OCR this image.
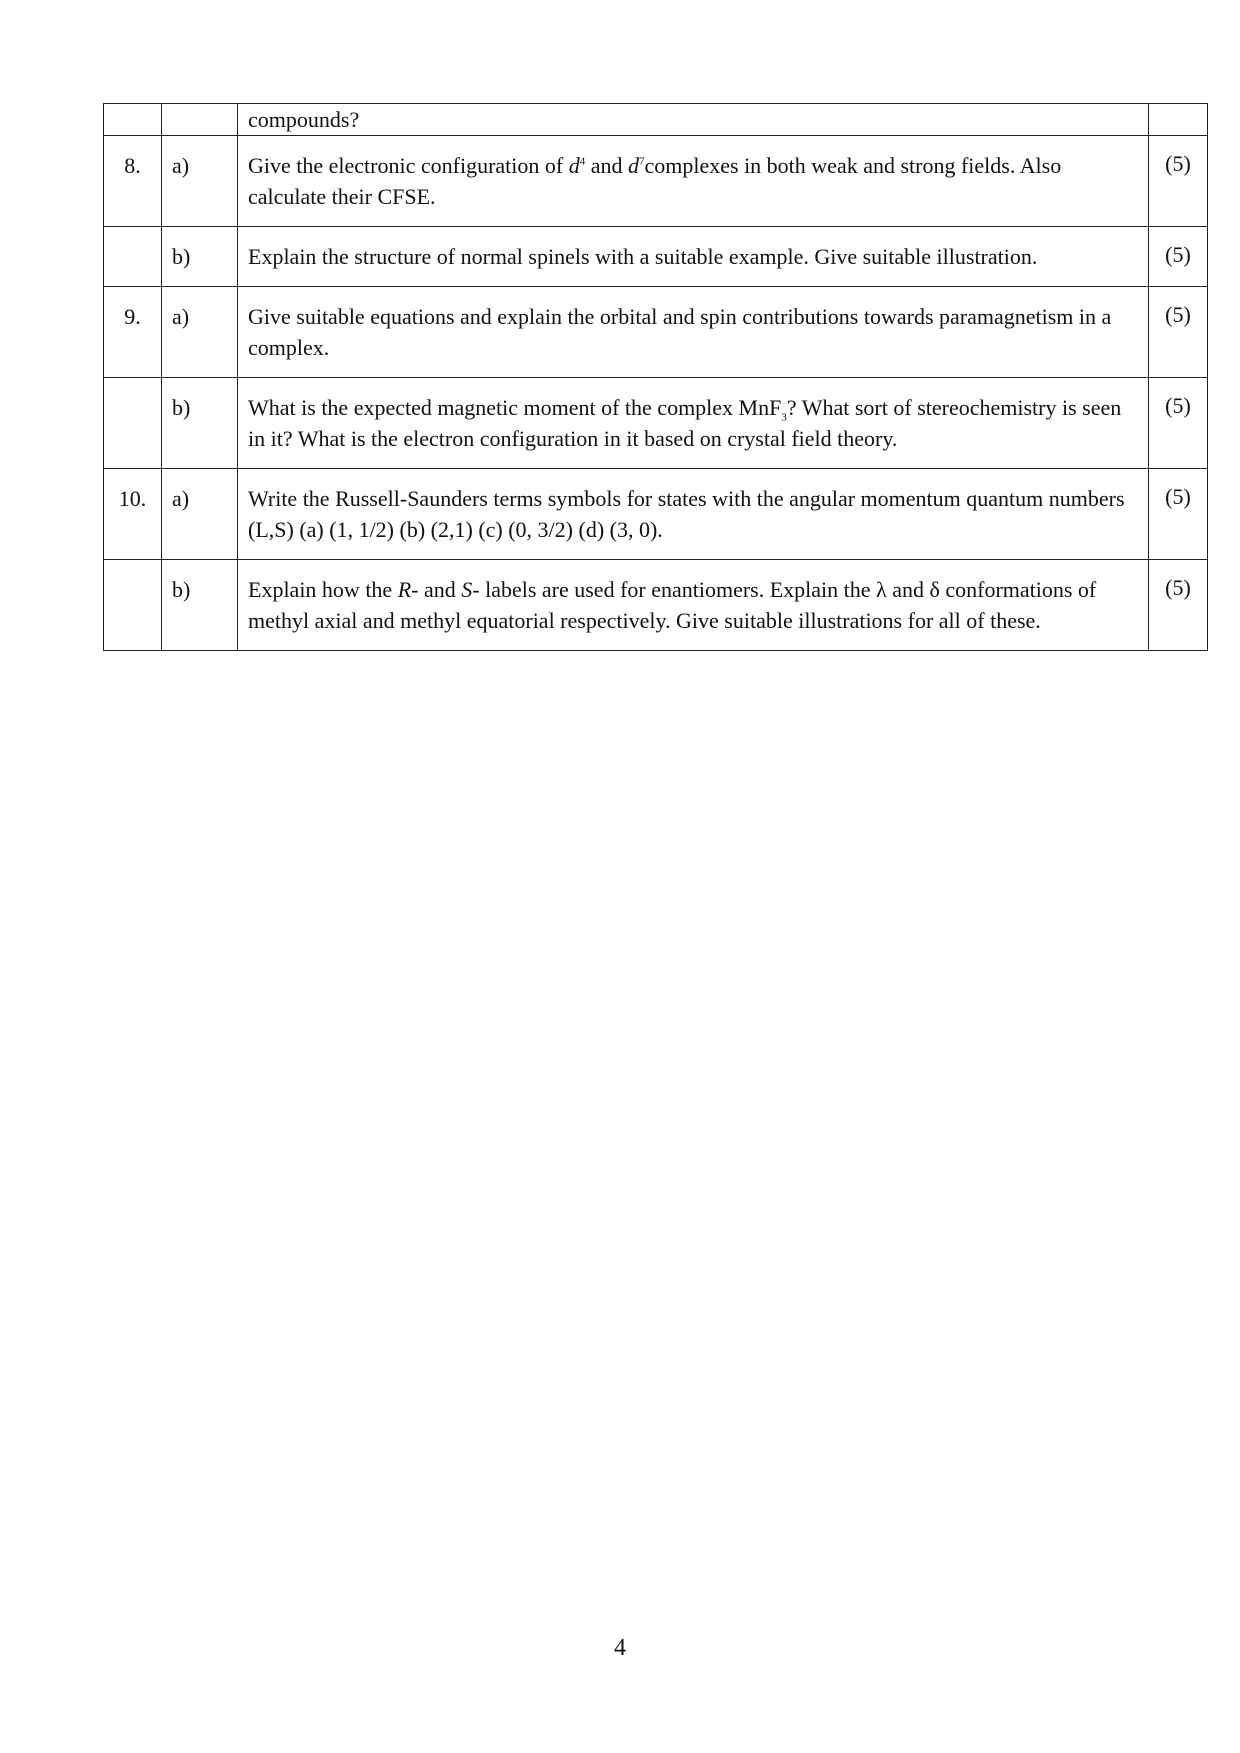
		compounds?	

8.	a)	Give the electronic configuration of $d^4$ and $d^7complexes$ in both weak and strong fields. Also calculate their CFSE.	(5)

	b)	Explain the structure of normal spinels with a suitable example. Give suitable illustration.	(5)

9.	a)	Give suitable equations and explain the orbital and spin contributions towards paramagnetism in a complex.	(5)

	b)	What is the expected magnetic moment of the complex MnF$_3$? What sort of stereochemistry is seen in it? What is the electron configuration in it based on crystal field theory.	(5)

10.	a)	Write the Russell-Saunders terms symbols for states with the angular momentum quantum numbers (L,S) (a) (1, 1/2) (b) (2,1) (c) (0, 3/2) (d) (3, 0).	(5)

	b)	Explain how the R- and S- labels are used for enantiomers. Explain the λ and δ conformations of methyl axial and methyl equatorial respectively. Give suitable illustrations for all of these.	(5)
4
